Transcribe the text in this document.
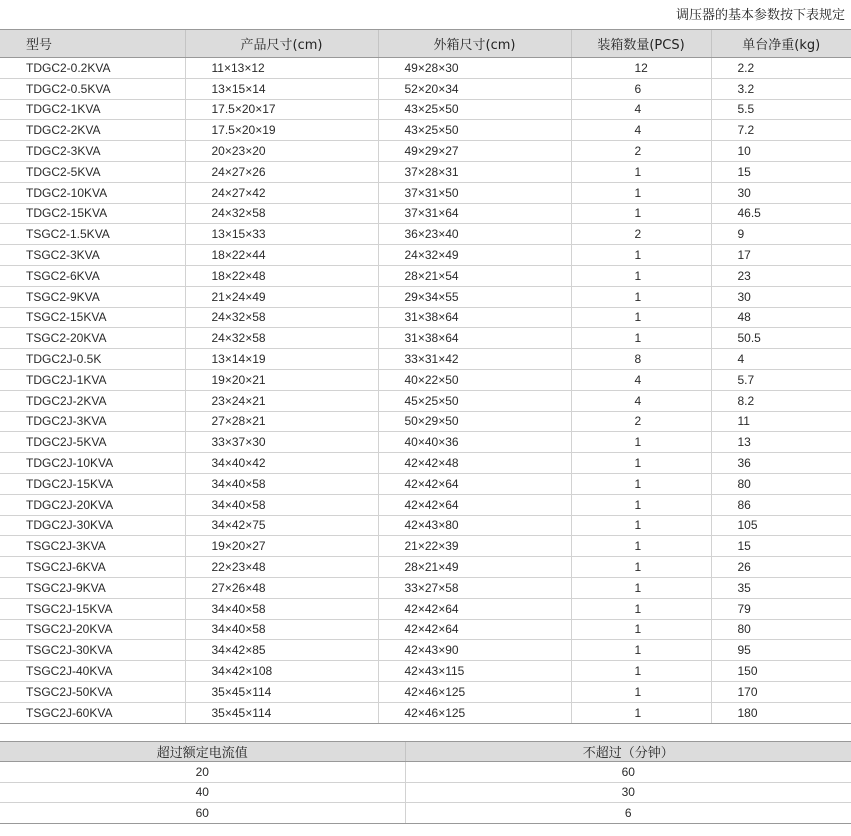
调压器的基本参数按下表规定
型号	产品尺寸(cm)	外箱尺寸(cm)	装箱数量(PCS)	单台净重(kg)
TDGC2-0.2KVA	11×13×12	49×28×30	12	2.2
TDGC2-0.5KVA	13×15×14	52×20×34	6	3.2
TDGC2-1KVA	17.5×20×17	43×25×50	4	5.5
TDGC2-2KVA	17.5×20×19	43×25×50	4	7.2
TDGC2-3KVA	20×23×20	49×29×27	2	10
TDGC2-5KVA	24×27×26	37×28×31	1	15
TDGC2-10KVA	24×27×42	37×31×50	1	30
TDGC2-15KVA	24×32×58	37×31×64	1	46.5
TSGC2-1.5KVA	13×15×33	36×23×40	2	9
TSGC2-3KVA	18×22×44	24×32×49	1	17
TSGC2-6KVA	18×22×48	28×21×54	1	23
TSGC2-9KVA	21×24×49	29×34×55	1	30
TSGC2-15KVA	24×32×58	31×38×64	1	48
TSGC2-20KVA	24×32×58	31×38×64	1	50.5
TDGC2J-0.5K	13×14×19	33×31×42	8	4
TDGC2J-1KVA	19×20×21	40×22×50	4	5.7
TDGC2J-2KVA	23×24×21	45×25×50	4	8.2
TDGC2J-3KVA	27×28×21	50×29×50	2	11
TDGC2J-5KVA	33×37×30	40×40×36	1	13
TDGC2J-10KVA	34×40×42	42×42×48	1	36
TDGC2J-15KVA	34×40×58	42×42×64	1	80
TDGC2J-20KVA	34×40×58	42×42×64	1	86
TDGC2J-30KVA	34×42×75	42×43×80	1	105
TSGC2J-3KVA	19×20×27	21×22×39	1	15
TSGC2J-6KVA	22×23×48	28×21×49	1	26
TSGC2J-9KVA	27×26×48	33×27×58	1	35
TSGC2J-15KVA	34×40×58	42×42×64	1	79
TSGC2J-20KVA	34×40×58	42×42×64	1	80
TSGC2J-30KVA	34×42×85	42×43×90	1	95
TSGC2J-40KVA	34×42×108	42×43×115	1	150
TSGC2J-50KVA	35×45×114	42×46×125	1	170
TSGC2J-60KVA	35×45×114	42×46×125	1	180
超过额定电流值	不超过（分钟）
20	60
40	30
60	6
